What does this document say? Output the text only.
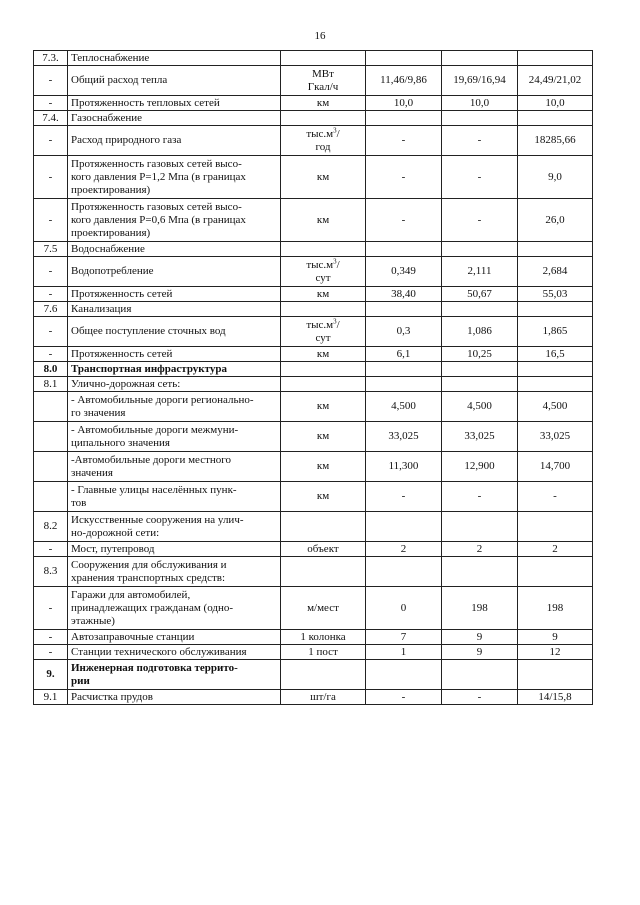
16
7.3.	Теплоснабжение				
-	Общий расход тепла	МВт
Гкал/ч	11,46/9,86	19,69/16,94	24,49/21,02
-	Протяженность тепловых сетей	км	10,0	10,0	10,0
7.4.	Газоснабжение				
-	Расход природного газа	$тыс.м^3/$
год	-	-	18285,66
-	Протяженность газовых сетей высо-
кого давления P=1,2 Мпа (в границах
проектирования)	км	-	-	9,0
-	Протяженность газовых сетей высо-
кого давления P=0,6 Мпа (в границах
проектирования)	км	-	-	26,0
7.5	Водоснабжение				
-	Водопотребление	$тыс.м^3/$
сут	0,349	2,111	2,684
-	Протяженность сетей	км	38,40	50,67	55,03
7.6	Канализация				
-	Общее поступление сточных вод	$тыс.м^3/$
сут	0,3	1,086	1,865
-	Протяженность сетей	км	6,1	10,25	16,5
8.0	Транспортная инфраструктура				
8.1	Улично-дорожная сеть:				
	- Автомобильные дороги регионально-
го значения	км	4,500	4,500	4,500
	- Автомобильные дороги межмуни-
ципального значения	км	33,025	33,025	33,025
	-Автомобильные дороги местного
значения	км	11,300	12,900	14,700
	- Главные улицы населённых пунк-
тов	км	-	-	-
8.2	Искусственные сооружения на улич-
но-дорожной сети:				
-	Мост, путепровод	объект	2	2	2
8.3	Сооружения для обслуживания и
хранения транспортных средств:				
-	Гаражи для автомобилей,
принадлежащих гражданам (одно-
этажные)	м/мест	0	198	198
-	Автозаправочные станции	1 колонка	7	9	9
-	Станции технического обслуживания	1 пост	1	9	12
9.	Инженерная подготовка террито-
рии				
9.1	Расчистка прудов	шт/га	-	-	14/15,8
